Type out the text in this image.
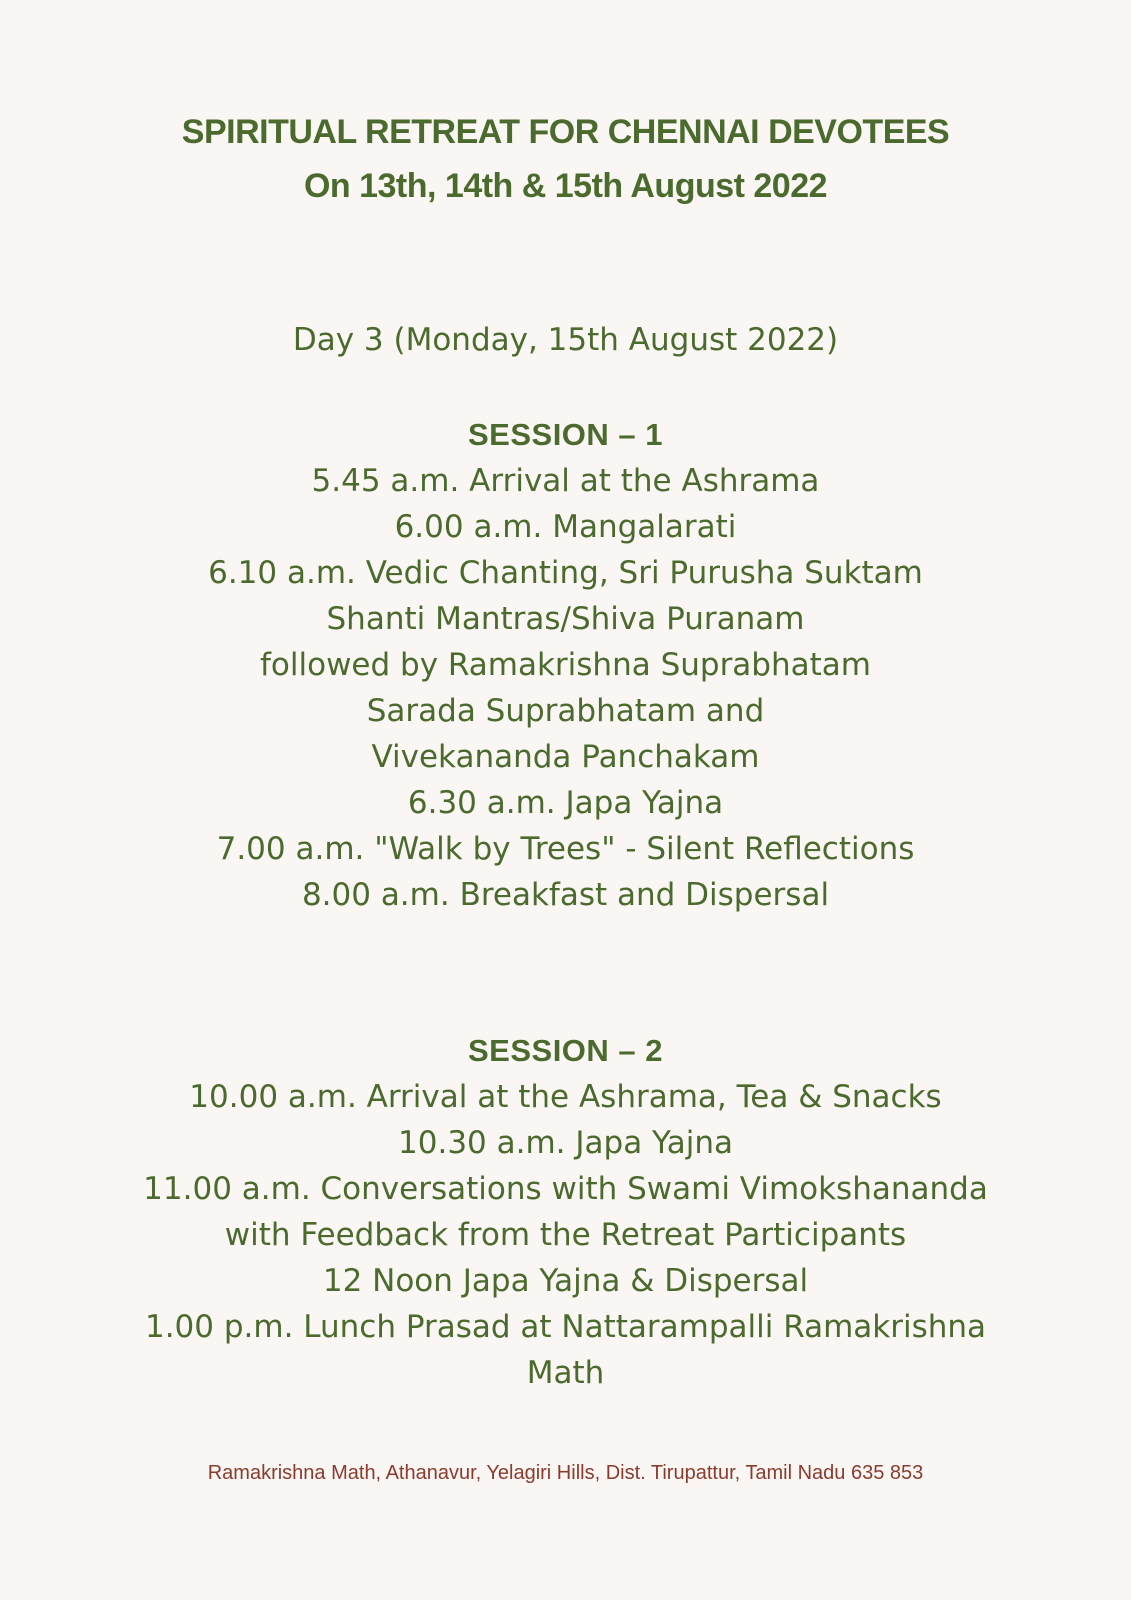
SPIRITUAL RETREAT FOR CHENNAI DEVOTEES
On 13th, 14th & 15th August 2022

Day 3 (Monday, 15th August 2022)

SESSION – 1
5.45 a.m. Arrival at the Ashrama
6.00 a.m. Mangalarati
6.10 a.m. Vedic Chanting, Sri Purusha Suktam
Shanti Mantras/Shiva Puranam
followed by Ramakrishna Suprabhatam
Sarada Suprabhatam and
Vivekananda Panchakam
6.30 a.m. Japa Yajna
7.00 a.m. "Walk by Trees" - Silent Reflections
8.00 a.m. Breakfast and Dispersal
SESSION – 2
10.00 a.m. Arrival at the Ashrama, Tea & Snacks
10.30 a.m. Japa Yajna
11.00 a.m. Conversations with Swami Vimokshananda
with Feedback from the Retreat Participants
12 Noon Japa Yajna & Dispersal
1.00 p.m. Lunch Prasad at Nattarampalli Ramakrishna
Math

Ramakrishna Math, Athanavur, Yelagiri Hills, Dist. Tirupattur, Tamil Nadu 635 853
